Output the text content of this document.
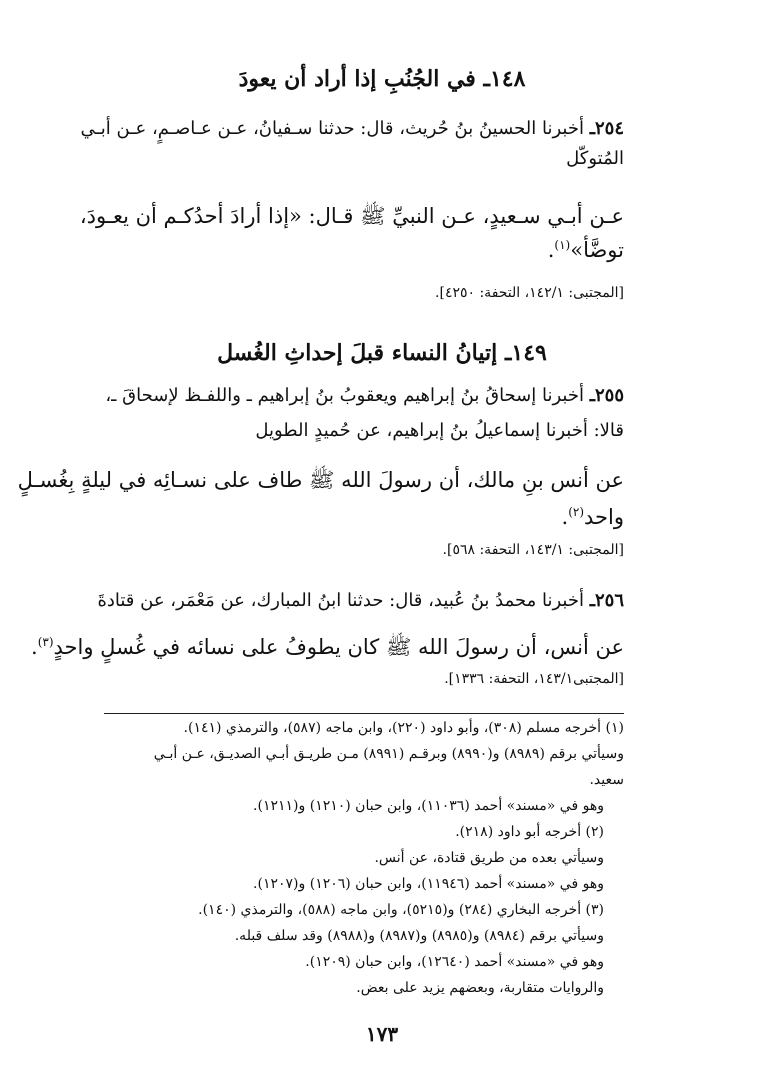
١٤٨ـ في الجُنُبِ إذا أراد أن يعودَ
٢٥٤ـ أخبرنا الحسينُ بنُ حُريث، قال: حدثنا سـفيانُ، عـن عـاصـمٍ، عـن أبـي
المُتوكّل
عـن أبـي سـعيدٍ، عـن النبيِّ ﷺ قـال: «إذا أرادَ أحدُكـم أن يعـودَ،
توضَّأ»$^{(١)}$.
[المجتبى: ١٤٢/١، التحفة: ٤٢٥٠].
١٤٩ـ إتيانُ النساء قبلَ إحداثِ الغُسل
٢٥٥ـ أخبرنا إسحاقُ بنُ إبراهيم ويعقوبُ بنُ إبراهيم ـ واللفـظ لإسحاقَ ـ،
قالا: أخبرنا إسماعيلُ بنُ إبراهيم، عن حُميدٍ الطويل
عن أنس بنِ مالك، أن رسولَ الله ﷺ طاف على نسـائِه في ليلةٍ بِغُسـلٍ
واحد$^{(٢)}$.
[المجتبى: ١٤٣/١، التحفة: ٥٦٨].
٢٥٦ـ أخبرنا محمدُ بنُ عُبيد، قال: حدثنا ابنُ المبارك، عن مَعْمَر، عن قتادةَ
عن أنس، أن رسولَ الله ﷺ كان يطوفُ على نسائه في غُسلٍ واحدٍ$^{(٣)}$.
[المجتبى١٤٣/١، التحفة: ١٣٣٦].
(١) أخرجه مسلم (٣٠٨)، وأبو داود (٢٢٠)، وابن ماجه (٥٨٧)، والترمذي (١٤١).
وسيأتي برقم (٨٩٨٩) و(٨٩٩٠) وبرقـم (٨٩٩١) مـن طريـق أبـي الصديـق، عـن أبـي
سعيد.
وهو في «مسند» أحمد (١١٠٣٦)، وابن حبان (١٢١٠) و(١٢١١).
(٢) أخرجه أبو داود (٢١٨).
وسيأتي بعده من طريق قتادة، عن أنس.
وهو في «مسند» أحمد (١١٩٤٦)، وابن حبان (١٢٠٦) و(١٢٠٧).
(٣) أخرجه البخاري (٢٨٤) و(٥٢١٥)، وابن ماجه (٥٨٨)، والترمذي (١٤٠).
وسيأتي برقم (٨٩٨٤) و(٨٩٨٥) و(٨٩٨٧) و(٨٩٨٨) وقد سلف قبله.
وهو في «مسند» أحمد (١٢٦٤٠)، وابن حبان (١٢٠٩).
والروايات متقاربة، وبعضهم يزيد على بعض.
١٧٣
